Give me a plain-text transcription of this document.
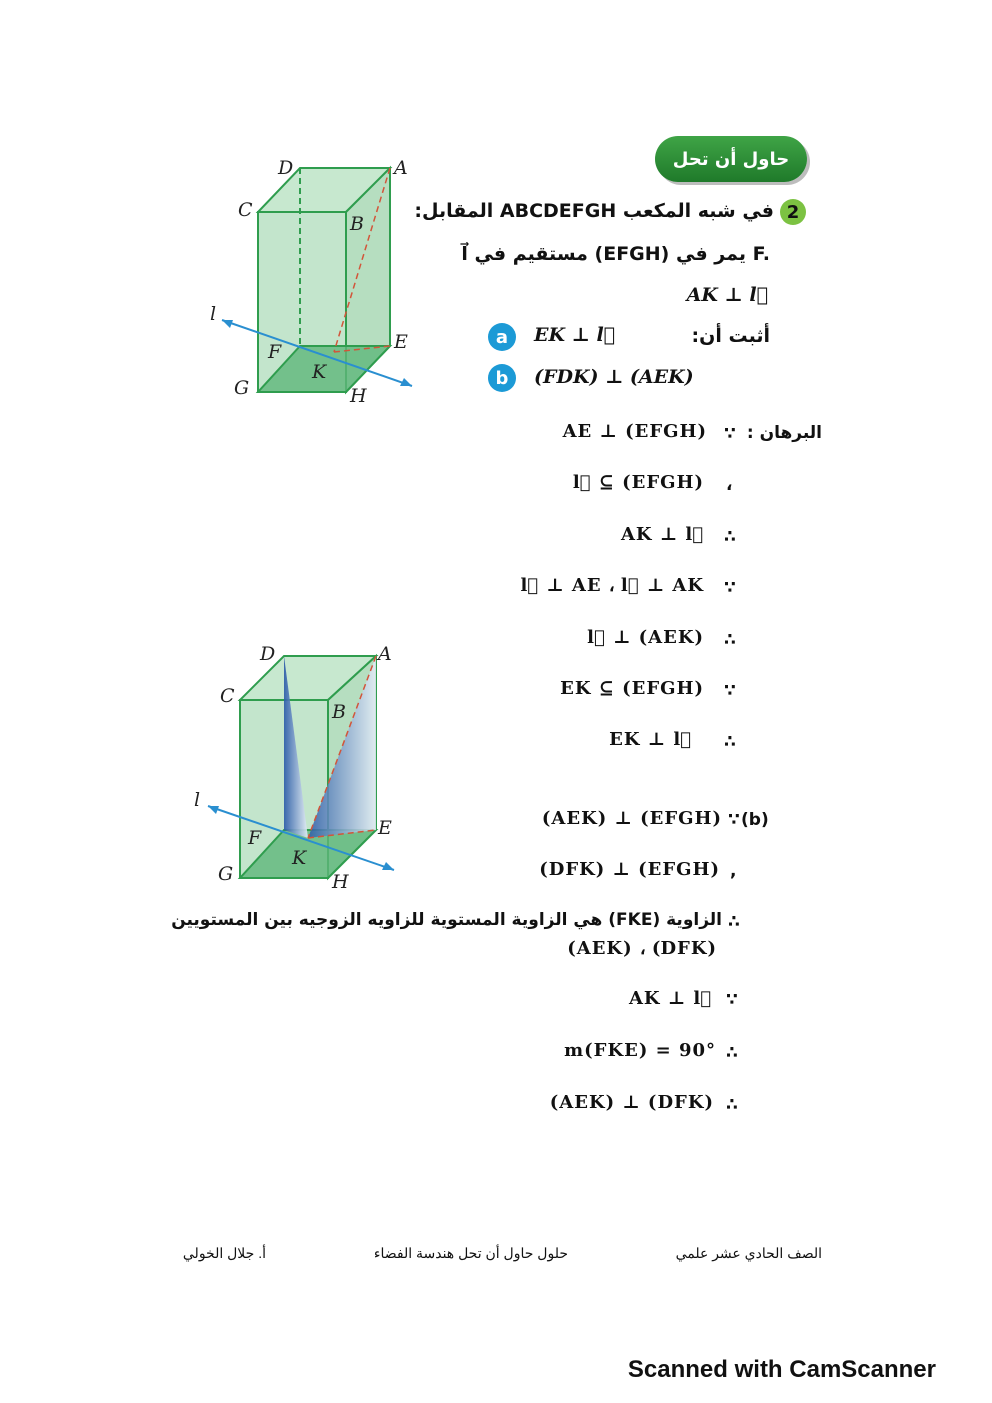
حاول أن تحل
2
في شبه المكعب ABCDEFGH المقابل:
l⃗ مستقيم في (EFGH) يمر في F.
AK ⊥ l⃗
أثبت أن:
a	EK ⊥ l⃗
b	(FDK) ⊥ (AEK)
D	A
C
B
l
F	E
K
G	H
البرهان :
∵
AE ⊥ (EFGH)
،
l⃗ ⊆ (EFGH)
∴
AK ⊥ l⃗
∵
l⃗ ⊥ AE ، l⃗ ⊥ AK
∴
l⃗ ⊥ (AEK)
∵
EK ⊆ (EFGH)
∴
EK ⊥ l⃗
D	A
C
B
l
F	E
K
G	H
(b)
∵
(AEK) ⊥ (EFGH)
,
(DFK) ⊥ (EFGH)
∴
الزاوية (FKE) هي الزاوية المستوية للزاويه الزوجيه بين المستويين
(AEK) ، (DFK)
∵
AK ⊥ l⃗
∴
m(FKE) = 90°
∴
(AEK) ⊥ (DFK)
الصف الحادي عشر علمي
حلول حاول أن تحل هندسة الفضاء
أ. جلال الخولي
Scanned with CamScanner
